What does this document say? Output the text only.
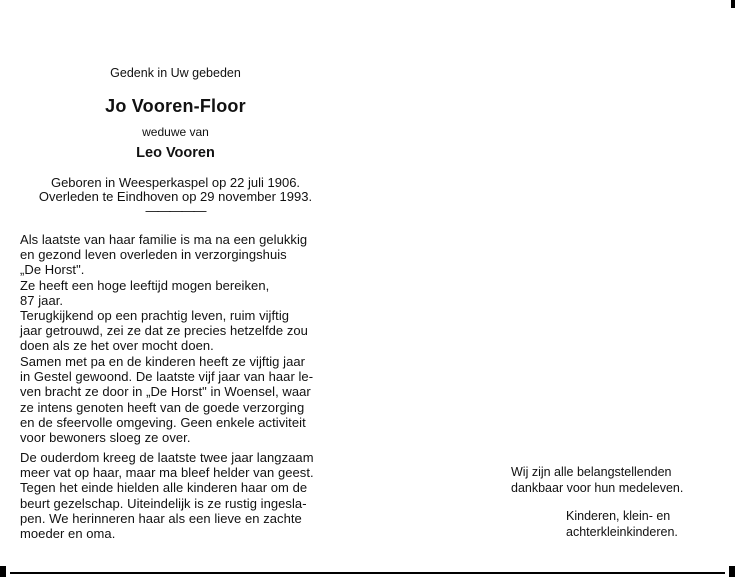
Gedenk in Uw gebeden
Jo Vooren-Floor
weduwe van
Leo Vooren
Geboren in Weesperkaspel op 22 juli 1906.
Overleden te Eindhoven op 29 november 1993.
—————
Als laatste van haar familie is ma na een gelukkig
en gezond leven overleden in verzorgingshuis
„De Horst".
Ze heeft een hoge leeftijd mogen bereiken,
87 jaar.
Terugkijkend op een prachtig leven, ruim vijftig
jaar getrouwd, zei ze dat ze precies hetzelfde zou
doen als ze het over mocht doen.
Samen met pa en de kinderen heeft ze vijftig jaar
in Gestel gewoond. De laatste vijf jaar van haar le-
ven bracht ze door in „De Horst" in Woensel, waar
ze intens genoten heeft van de goede verzorging
en de sfeervolle omgeving. Geen enkele activiteit
voor bewoners sloeg ze over.
De ouderdom kreeg de laatste twee jaar langzaam
meer vat op haar, maar ma bleef helder van geest.
Tegen het einde hielden alle kinderen haar om de
beurt gezelschap. Uiteindelijk is ze rustig ingesla-
pen. We herinneren haar als een lieve en zachte
moeder en oma.
Wij zijn alle belangstellenden
dankbaar voor hun medeleven.
Kinderen, klein- en
achterkleinkinderen.
